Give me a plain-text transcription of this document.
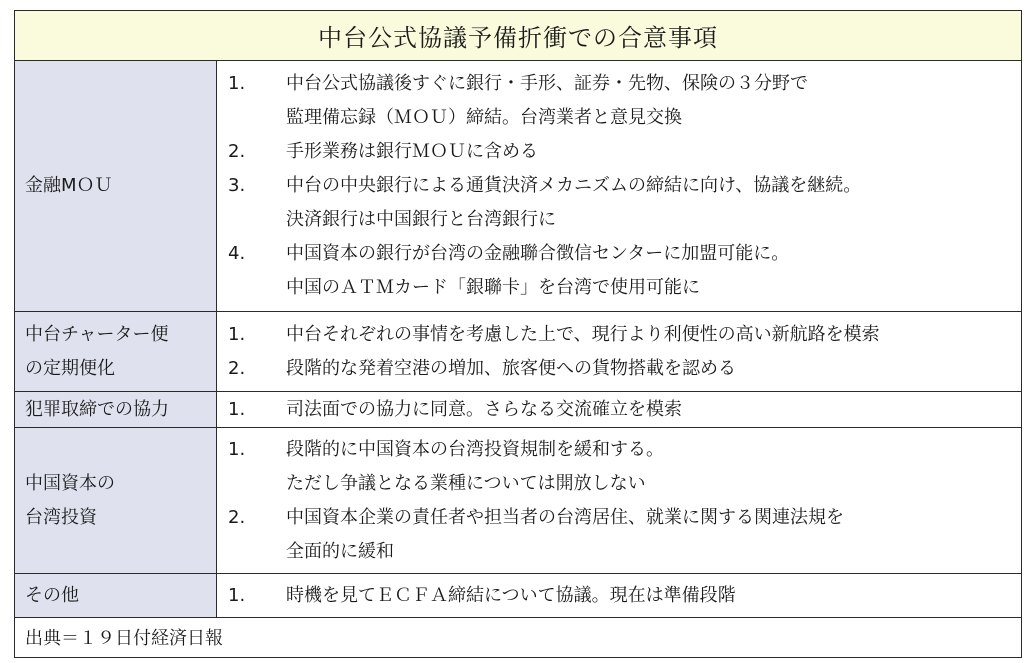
中台公式協議予備折衝での合意事項
金融MＯＵ
1. 中台公式協議後すぐに銀行・手形、証券・先物、保険の３分野で
監理備忘録（ＭＯＵ）締結。台湾業者と意見交換
2. 手形業務は銀行ＭＯＵに含める
3. 中台の中央銀行による通貨決済メカニズムの締結に向け、協議を継続。
決済銀行は中国銀行と台湾銀行に
4. 中国資本の銀行が台湾の金融聯合徴信センターに加盟可能に。
中国のＡＴＭカード「銀聯卡」を台湾で使用可能に
中台チャーター便
の定期便化
1. 中台それぞれの事情を考慮した上で、現行より利便性の高い新航路を模索
2. 段階的な発着空港の増加、旅客便への貨物搭載を認める
犯罪取締での協力	1. 司法面での協力に同意。さらなる交流確立を模索
中国資本の
台湾投資
1. 段階的に中国資本の台湾投資規制を緩和する。
ただし争議となる業種については開放しない
2. 中国資本企業の責任者や担当者の台湾居住、就業に関する関連法規を
全面的に緩和
その他	1. 時機を見てＥＣＦＡ締結について協議。現在は準備段階
出典＝１９日付経済日報
